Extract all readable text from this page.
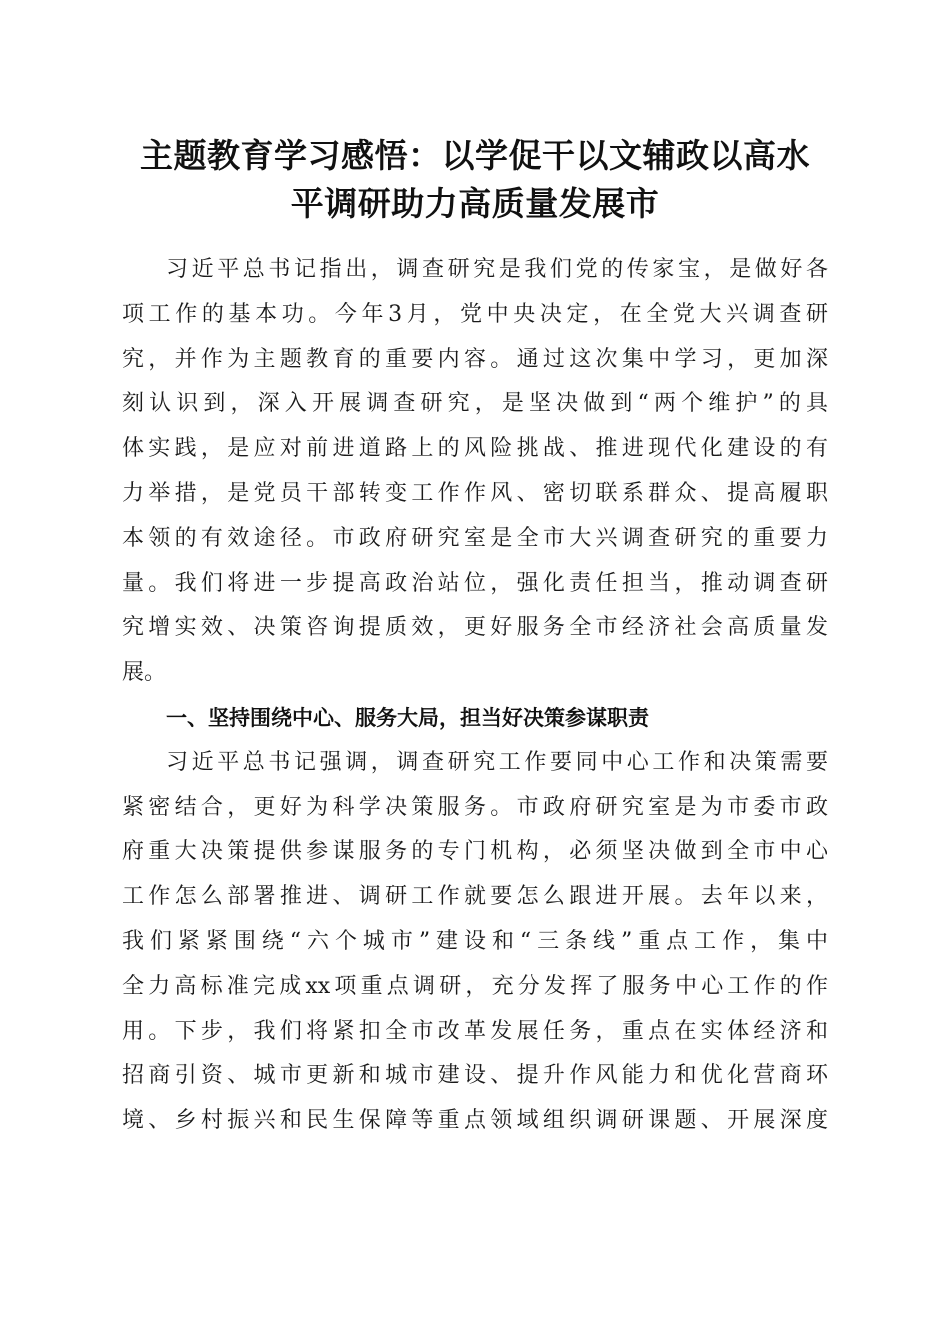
主题教育学习感悟：以学促干以文辅政以高水
平调研助力高质量发展市
习近平总书记指出，调查研究是我们党的传家宝，是做好各
项工作的基本功。今年3月，党中央决定，在全党大兴调查研
究，并作为主题教育的重要内容。通过这次集中学习，更加深
刻认识到，深入开展调查研究，是坚决做到“两个维护”的具
体实践，是应对前进道路上的风险挑战、推进现代化建设的有
力举措，是党员干部转变工作作风、密切联系群众、提高履职
本领的有效途径。市政府研究室是全市大兴调查研究的重要力
量。我们将进一步提高政治站位，强化责任担当，推动调查研
究增实效、决策咨询提质效，更好服务全市经济社会高质量发
展。
一、坚持围绕中心、服务大局，担当好决策参谋职责
习近平总书记强调，调查研究工作要同中心工作和决策需要
紧密结合，更好为科学决策服务。市政府研究室是为市委市政
府重大决策提供参谋服务的专门机构，必须坚决做到全市中心
工作怎么部署推进、调研工作就要怎么跟进开展。去年以来，
我们紧紧围绕“六个城市”建设和“三条线”重点工作，集中
全力高标准完成xx项重点调研，充分发挥了服务中心工作的作
用。下步，我们将紧扣全市改革发展任务，重点在实体经济和
招商引资、城市更新和城市建设、提升作风能力和优化营商环
境、乡村振兴和民生保障等重点领域组织调研课题、开展深度
